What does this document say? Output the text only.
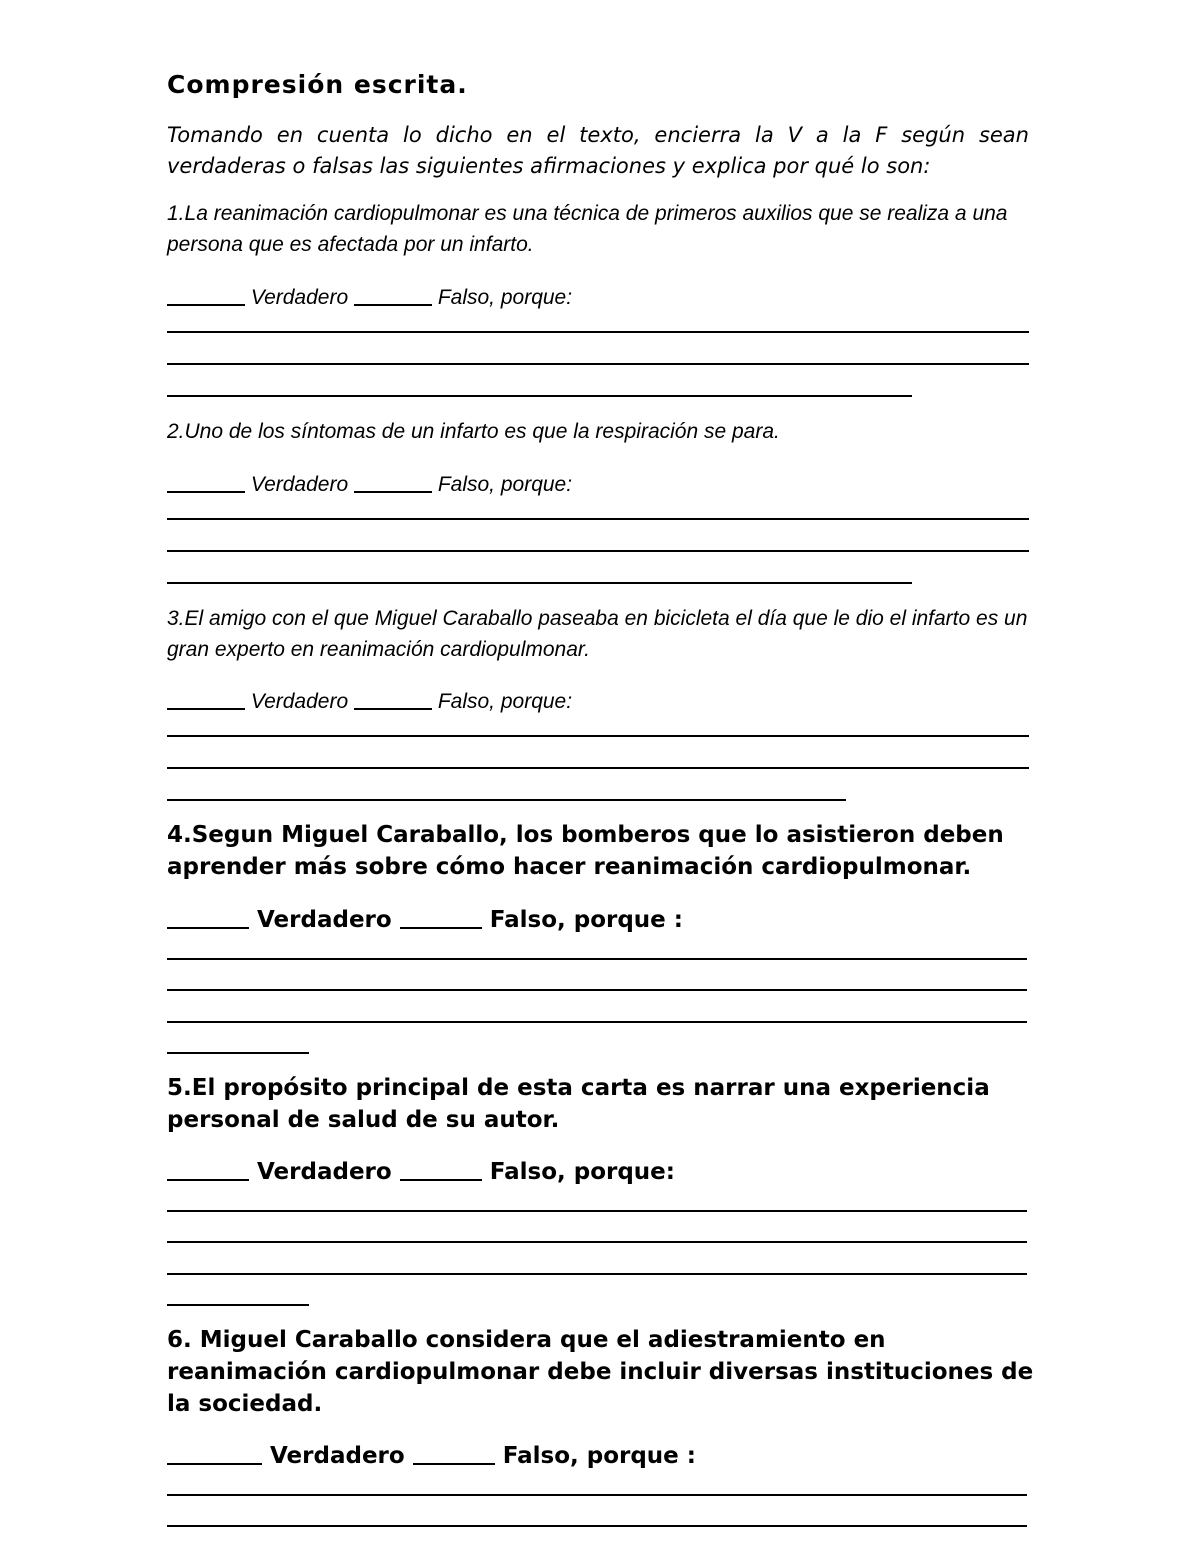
Compresión escrita.

Tomando en cuenta lo dicho en el texto, encierra la V a la F según sean verdaderas o falsas las siguientes afirmaciones y explica por qué lo son:

1.La reanimación cardiopulmonar es una técnica de primeros auxilios que se realiza a una persona que es afectada por un infarto.

Verdadero	Falso, porque:

2.Uno de los síntomas de un infarto es que la respiración se para.

Verdadero	Falso, porque:

3.El amigo con el que Miguel Caraballo paseaba en bicicleta el día que le dio el infarto es un gran experto en reanimación cardiopulmonar.

Verdadero	Falso, porque:

4.Segun Miguel Caraballo, los bomberos que lo asistieron deben aprender más sobre cómo hacer reanimación cardiopulmonar.

Verdadero	Falso, porque :

5.El propósito principal de esta carta es narrar una experiencia personal de salud de su autor.

Verdadero	Falso, porque:

6. Miguel Caraballo considera que el adiestramiento en reanimación cardiopulmonar debe incluir diversas instituciones de la sociedad.

Verdadero	Falso, porque :
